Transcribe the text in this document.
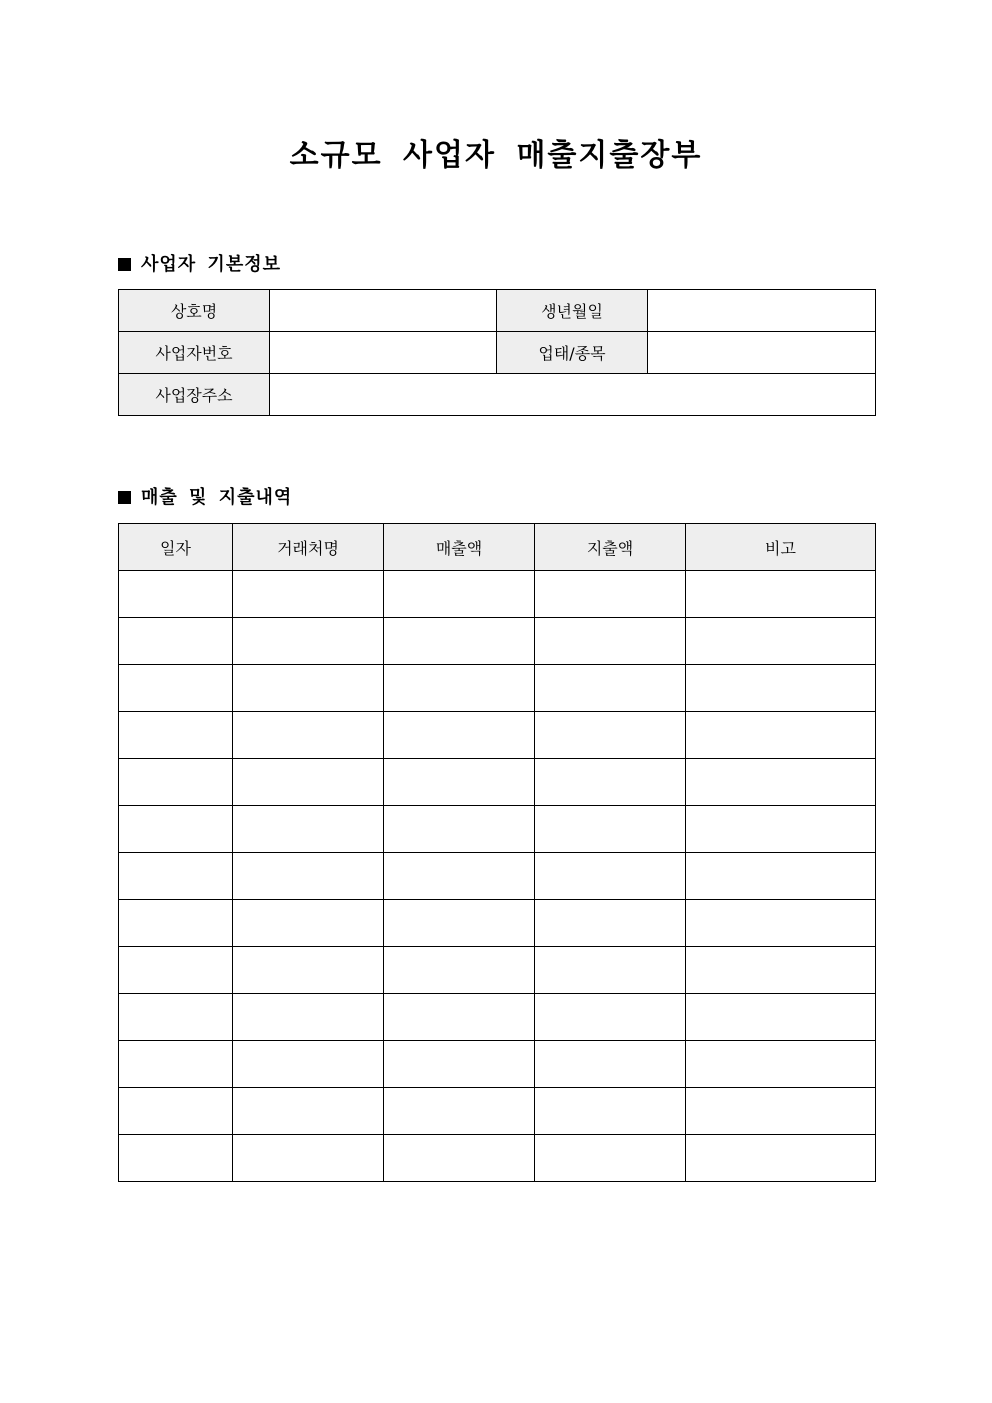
소규모 사업자 매출지출장부
사업자 기본정보
상호명		생년월일	
사업자번호		업태/종목	
사업장주소			
매출 및 지출내역
일자	거래처명	매출액	지출액	비고
